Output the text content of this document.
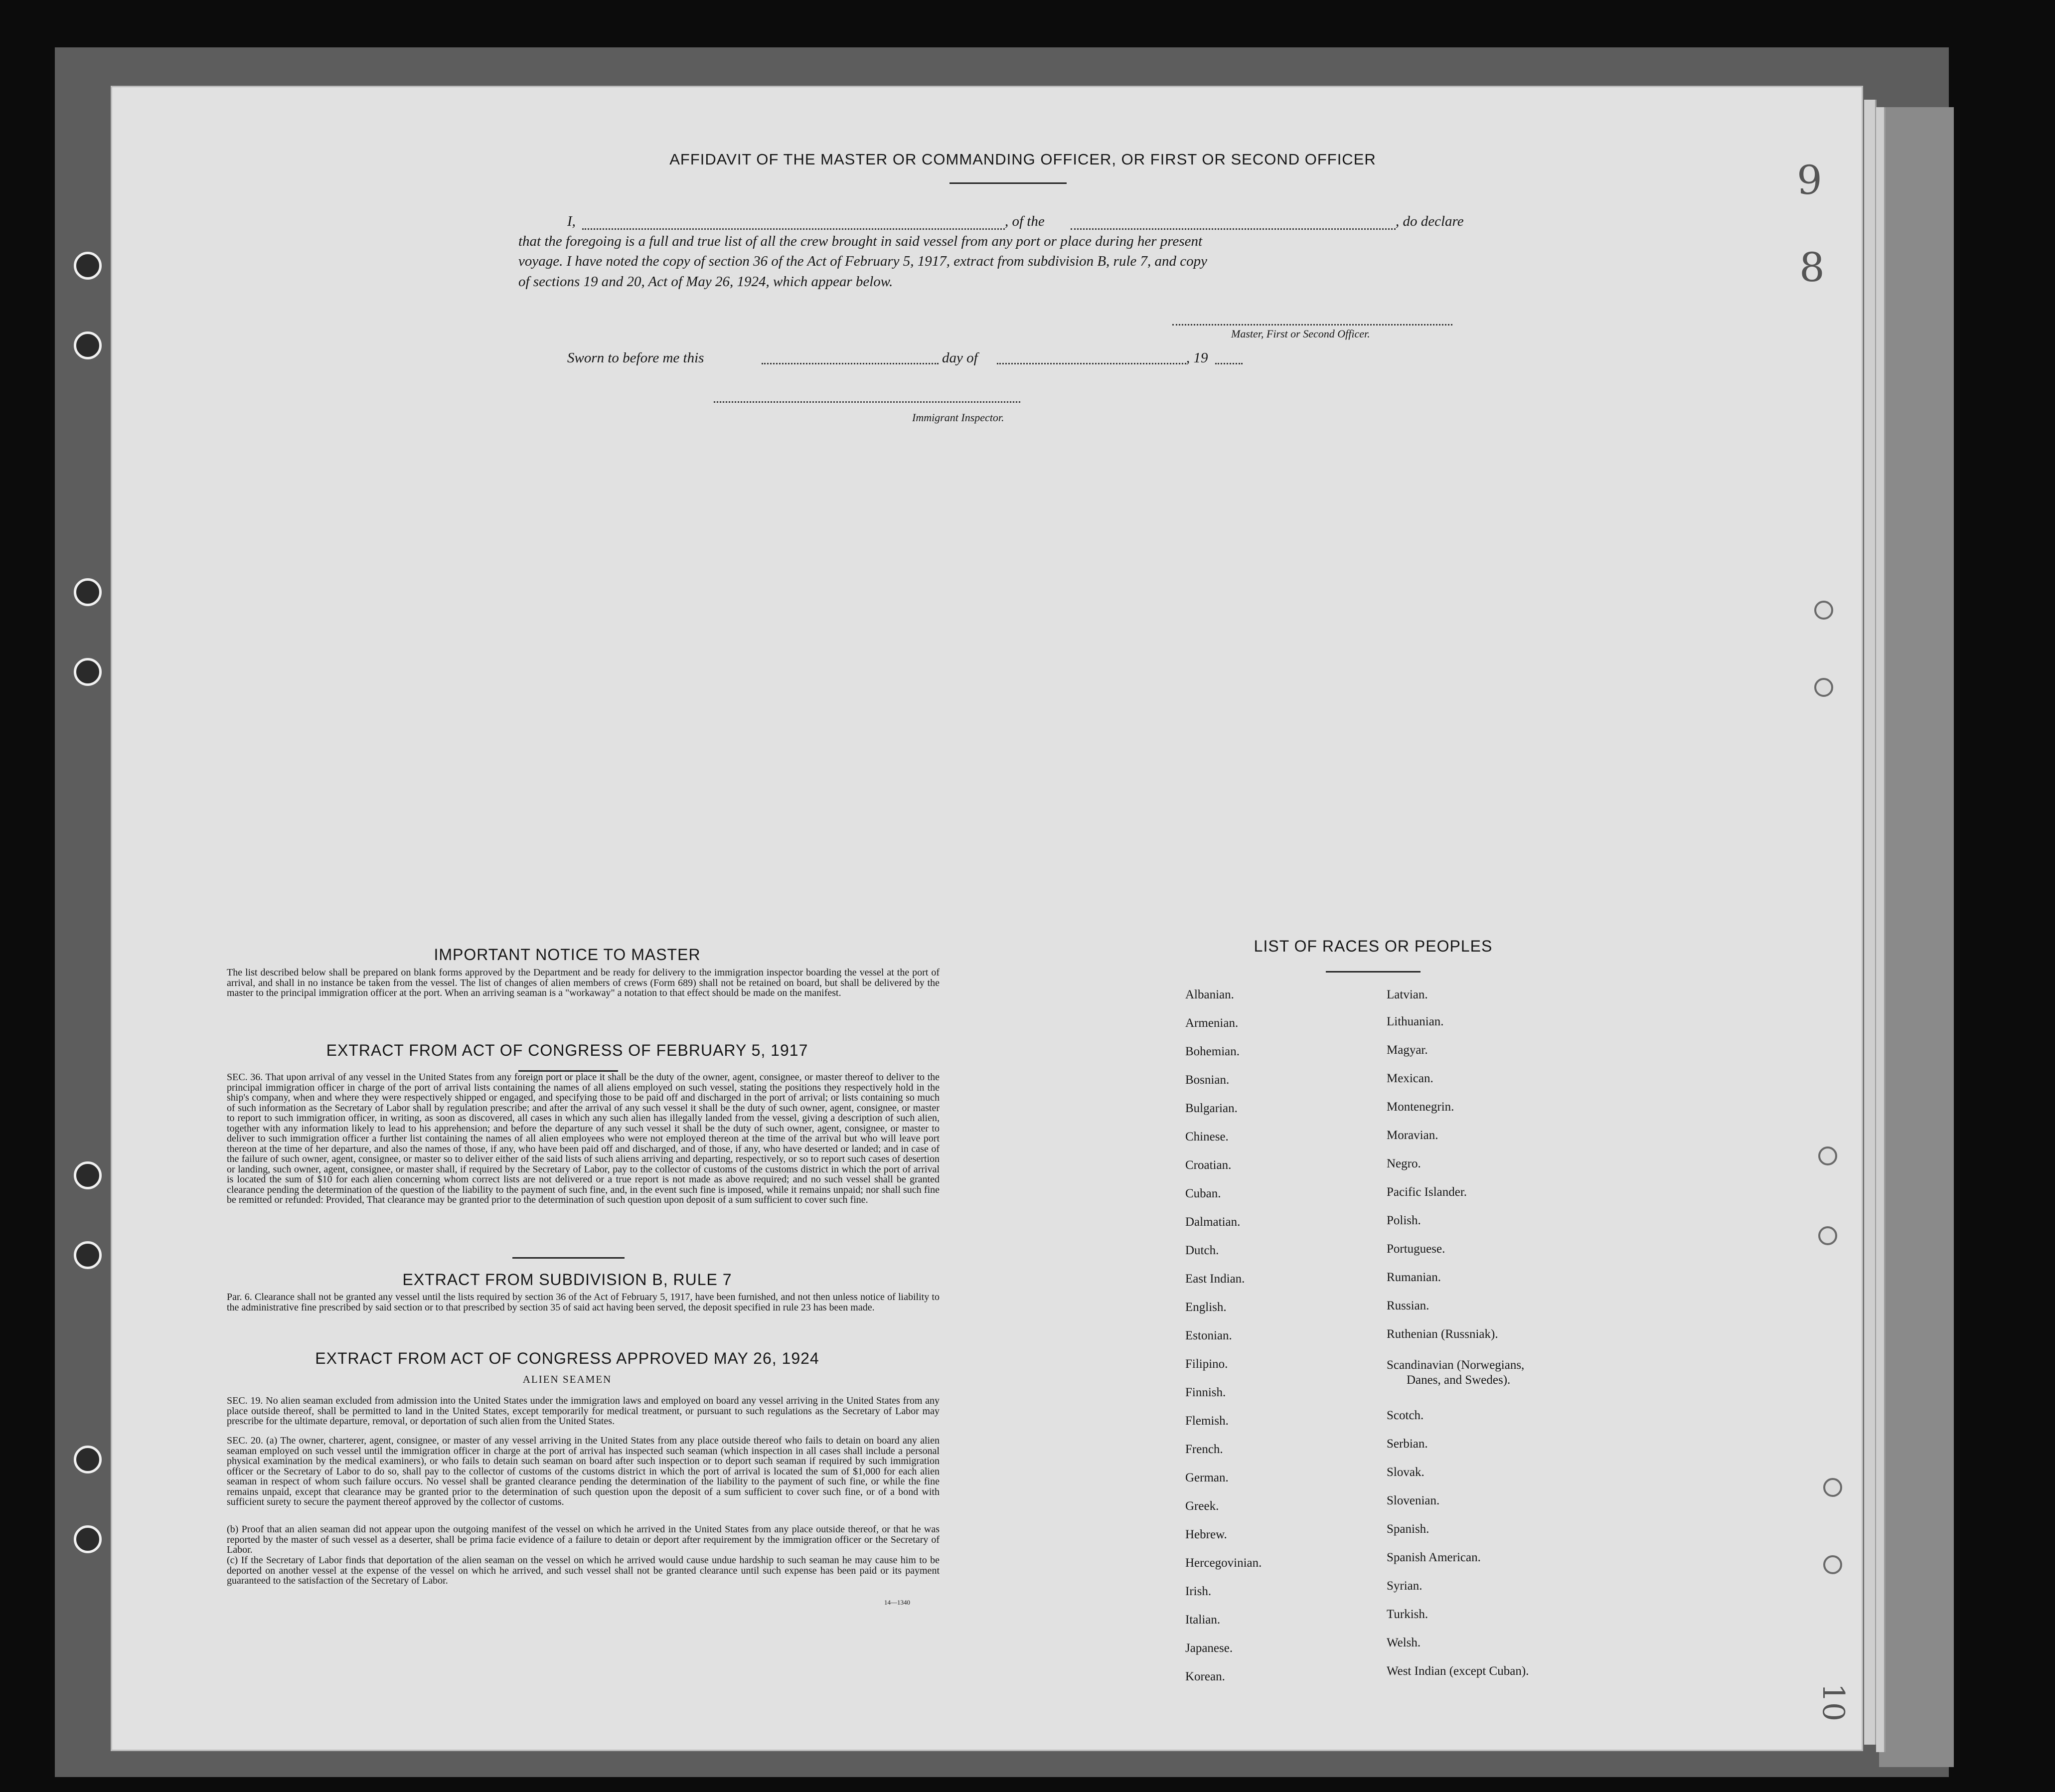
9
8
10
AFFIDAVIT OF THE MASTER OR COMMANDING OFFICER, OR FIRST OR SECOND OFFICER
I,	, of the	, do declare
that the foregoing is a full and true list of all the crew brought in said vessel from any port or place during her present
voyage. I have noted the copy of section 36 of the Act of February 5, 1917, extract from subdivision B, rule 7, and copy
of sections 19 and 20, Act of May 26, 1924, which appear below.
Master, First or Second Officer.
Sworn to before me this	day of	, 19
Immigrant Inspector.
IMPORTANT NOTICE TO MASTER
The list described below shall be prepared on blank forms approved by the Department and be ready for delivery to the immigration inspector boarding the vessel at the port of arrival, and shall in no instance be taken from the vessel. The list of changes of alien members of crews (Form 689) shall not be retained on board, but shall be delivered by the master to the principal immigration officer at the port. When an arriving seaman is a "workaway" a notation to that effect should be made on the manifest.
EXTRACT FROM ACT OF CONGRESS OF FEBRUARY 5, 1917
SEC. 36. That upon arrival of any vessel in the United States from any foreign port or place it shall be the duty of the owner, agent, consignee, or master thereof to deliver to the principal immigration officer in charge of the port of arrival lists containing the names of all aliens employed on such vessel, stating the positions they respectively hold in the ship's company, when and where they were respectively shipped or engaged, and specifying those to be paid off and discharged in the port of arrival; or lists containing so much of such information as the Secretary of Labor shall by regulation prescribe; and after the arrival of any such vessel it shall be the duty of such owner, agent, consignee, or master to report to such immigration officer, in writing, as soon as discovered, all cases in which any such alien has illegally landed from the vessel, giving a description of such alien, together with any information likely to lead to his apprehension; and before the departure of any such vessel it shall be the duty of such owner, agent, consignee, or master to deliver to such immigration officer a further list containing the names of all alien employees who were not employed thereon at the time of the arrival but who will leave port thereon at the time of her departure, and also the names of those, if any, who have been paid off and discharged, and of those, if any, who have deserted or landed; and in case of the failure of such owner, agent, consignee, or master so to deliver either of the said lists of such aliens arriving and departing, respectively, or so to report such cases of desertion or landing, such owner, agent, consignee, or master shall, if required by the Secretary of Labor, pay to the collector of customs of the customs district in which the port of arrival is located the sum of $10 for each alien concerning whom correct lists are not delivered or a true report is not made as above required; and no such vessel shall be granted clearance pending the determination of the question of the liability to the payment of such fine, and, in the event such fine is imposed, while it remains unpaid; nor shall such fine be remitted or refunded: Provided, That clearance may be granted prior to the determination of such question upon deposit of a sum sufficient to cover such fine.
EXTRACT FROM SUBDIVISION B, RULE 7
Par. 6. Clearance shall not be granted any vessel until the lists required by section 36 of the Act of February 5, 1917, have been furnished, and not then unless notice of liability to the administrative fine prescribed by said section or to that prescribed by section 35 of said act having been served, the deposit specified in rule 23 has been made.
EXTRACT FROM ACT OF CONGRESS APPROVED MAY 26, 1924
ALIEN SEAMEN
SEC. 19. No alien seaman excluded from admission into the United States under the immigration laws and employed on board any vessel arriving in the United States from any place outside thereof, shall be permitted to land in the United States, except temporarily for medical treatment, or pursuant to such regulations as the Secretary of Labor may prescribe for the ultimate departure, removal, or deportation of such alien from the United States.
SEC. 20. (a) The owner, charterer, agent, consignee, or master of any vessel arriving in the United States from any place outside thereof who fails to detain on board any alien seaman employed on such vessel until the immigration officer in charge at the port of arrival has inspected such seaman (which inspection in all cases shall include a personal physical examination by the medical examiners), or who fails to detain such seaman on board after such inspection or to deport such seaman if required by such immigration officer or the Secretary of Labor to do so, shall pay to the collector of customs of the customs district in which the port of arrival is located the sum of $1,000 for each alien seaman in respect of whom such failure occurs. No vessel shall be granted clearance pending the determination of the liability to the payment of such fine, or while the fine remains unpaid, except that clearance may be granted prior to the determination of such question upon the deposit of a sum sufficient to cover such fine, or of a bond with sufficient surety to secure the payment thereof approved by the collector of customs.
(b) Proof that an alien seaman did not appear upon the outgoing manifest of the vessel on which he arrived in the United States from any place outside thereof, or that he was reported by the master of such vessel as a deserter, shall be prima facie evidence of a failure to detain or deport after requirement by the immigration officer or the Secretary of Labor.
(c) If the Secretary of Labor finds that deportation of the alien seaman on the vessel on which he arrived would cause undue hardship to such seaman he may cause him to be deported on another vessel at the expense of the vessel on which he arrived, and such vessel shall not be granted clearance until such expense has been paid or its payment guaranteed to the satisfaction of the Secretary of Labor.
14—1340
LIST OF RACES OR PEOPLES
Albanian.
Armenian.
Bohemian.
Bosnian.
Bulgarian.
Chinese.
Croatian.
Cuban.
Dalmatian.
Dutch.
East Indian.
English.
Estonian.
Filipino.
Finnish.
Flemish.
French.
German.
Greek.
Hebrew.
Hercegovinian.
Irish.
Italian.
Japanese.
Korean.
Latvian.
Lithuanian.
Magyar.
Mexican.
Montenegrin.
Moravian.
Negro.
Pacific Islander.
Polish.
Portuguese.
Rumanian.
Russian.
Ruthenian (Russniak).
Scandinavian (Norwegians,
Danes, and Swedes).
Scotch.
Serbian.
Slovak.
Slovenian.
Spanish.
Spanish American.
Syrian.
Turkish.
Welsh.
West Indian (except Cuban).
